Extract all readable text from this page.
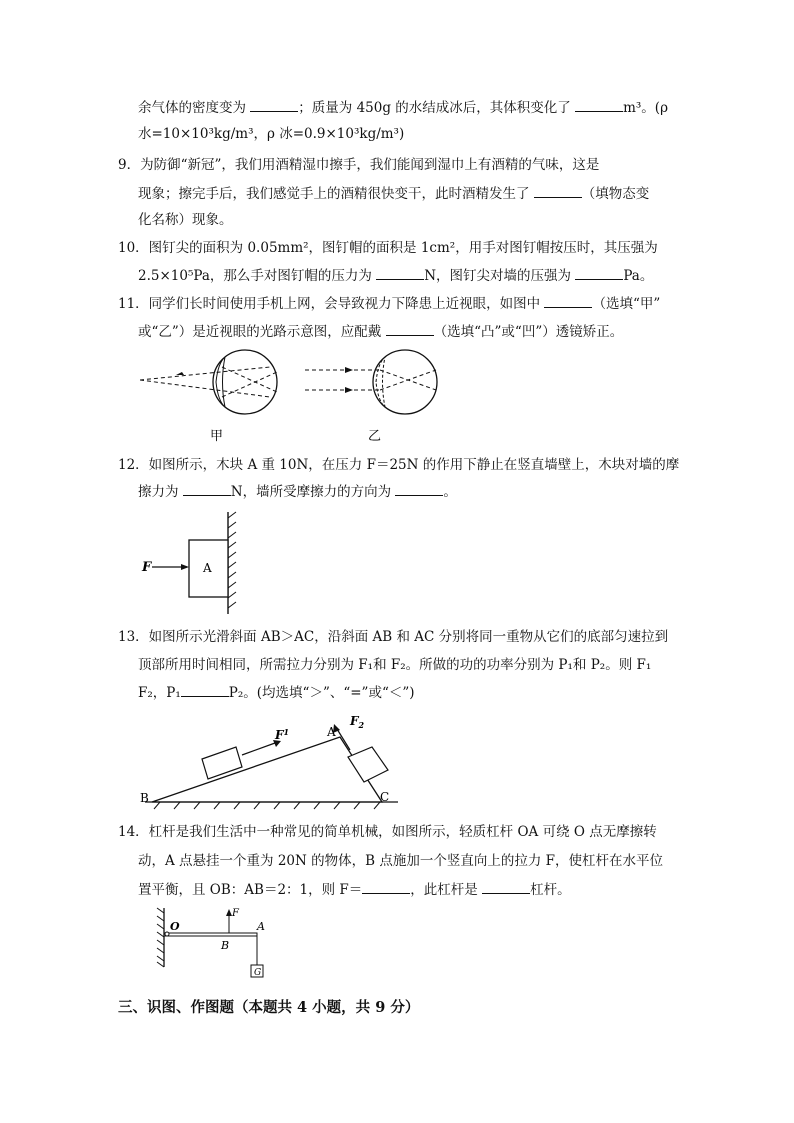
余气体的密度变为	；质量为 450g 的水结成冰后，其体积变化了	m³。(ρ
水=10×10³kg/m³，ρ 冰=0.9×10³kg/m³)
9．为防御“新冠”，我们用酒精湿巾擦手，我们能闻到湿巾上有酒精的气味，这是
现象；擦完手后，我们感觉手上的酒精很快变干，此时酒精发生了	（填物态变
化名称）现象。
10．图钉尖的面积为 0.05mm²，图钉帽的面积是 1cm²，用手对图钉帽按压时，其压强为
2.5×10⁵Pa，那么手对图钉帽的压力为	N，图钉尖对墙的压强为	Pa。
11．同学们长时间使用手机上网，会导致视力下降患上近视眼，如图中	（选填“甲”
或“乙”）是近视眼的光路示意图，应配戴	（选填“凸”或“凹”）透镜矫正。
甲	乙
12．如图所示，木块 A 重 10N，在压力 F＝25N 的作用下静止在竖直墙壁上，木块对墙的摩
擦力为	N，墙所受摩擦力的方向为	。
A
F
13．如图所示光滑斜面 AB＞AC，沿斜面 AB 和 AC 分别将同一重物从它们的底部匀速拉到
顶部所用时间相同，所需拉力分别为 F₁和 F₂。所做的功的功率分别为 P₁和 P₂。则 F₁
F₂，P₁	P₂。(均选填“＞”、“=”或“＜”)
B
A
C
$F^1$
$F_2$
14．杠杆是我们生活中一种常见的简单机械，如图所示，轻质杠杆 OA 可绕 O 点无摩擦转
动，A 点悬挂一个重为 20N 的物体，B 点施加一个竖直向上的拉力 F，使杠杆在水平位
置平衡，且 OB：AB＝2：1，则 F＝	，此杠杆是	杠杆。
G
O
B
A
F
三、识图、作图题（本题共 4 小题，共 9 分）
